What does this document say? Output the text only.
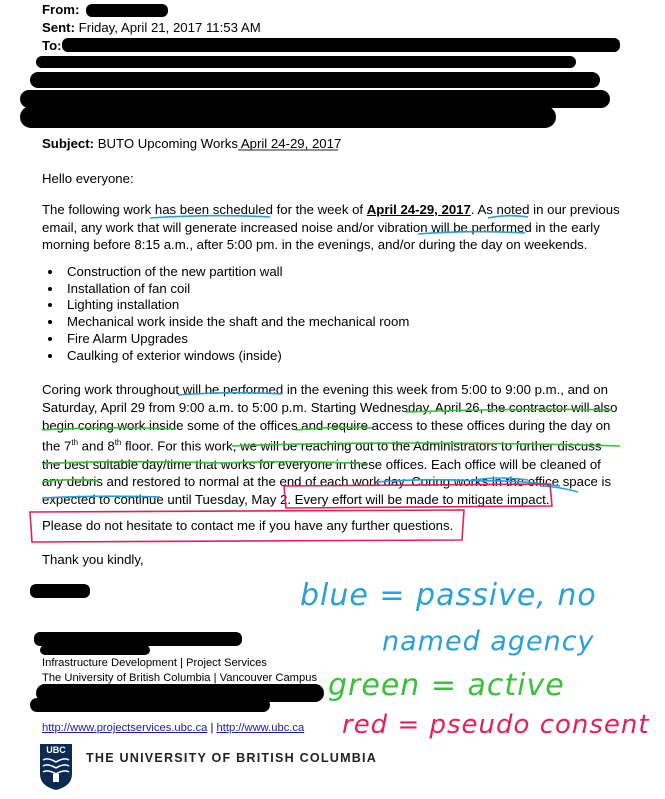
From:
Sent: Friday, April 21, 2017 11:53 AM
To:
Subject: BUTO Upcoming Works April 24-29, 2017
Hello everyone:
The following work has been scheduled for the week of April 24-29, 2017. As noted in our previous email, any work that will generate increased noise and/or vibration will be performed in the early morning before 8:15 a.m., after 5:00 pm. in the evenings, and/or during the day on weekends.
• Construction of the new partition wall
• Installation of fan coil
• Lighting installation
• Mechanical work inside the shaft and the mechanical room
• Fire Alarm Upgrades
• Caulking of exterior windows (inside)
Coring work throughout will be performed in the evening this week from 5:00 to 9:00 p.m., and on Saturday, April 29 from 9:00 a.m. to 5:00 p.m. Starting Wednesday, April 26, the contractor will also begin coring work inside some of the offices and require access to these offices during the day on the 7th and 8th floor. For this work, we will be reaching out to the Administrators to further discuss the best suitable day/time that works for everyone in these offices. Each office will be cleaned of any debris and restored to normal at the end of each work day. Coring works in the office space is expected to continue until Tuesday, May 2. Every effort will be made to mitigate impact.
Please do not hesitate to contact me if you have any further questions.
Thank you kindly,
Infrastructure Development | Project Services
The University of British Columbia | Vancouver Campus
http://www.projectservices.ubc.ca | http://www.ubc.ca
UBC
THE UNIVERSITY OF BRITISH COLUMBIA
blue = passive, no
named agency
green = active
red = pseudo consent
